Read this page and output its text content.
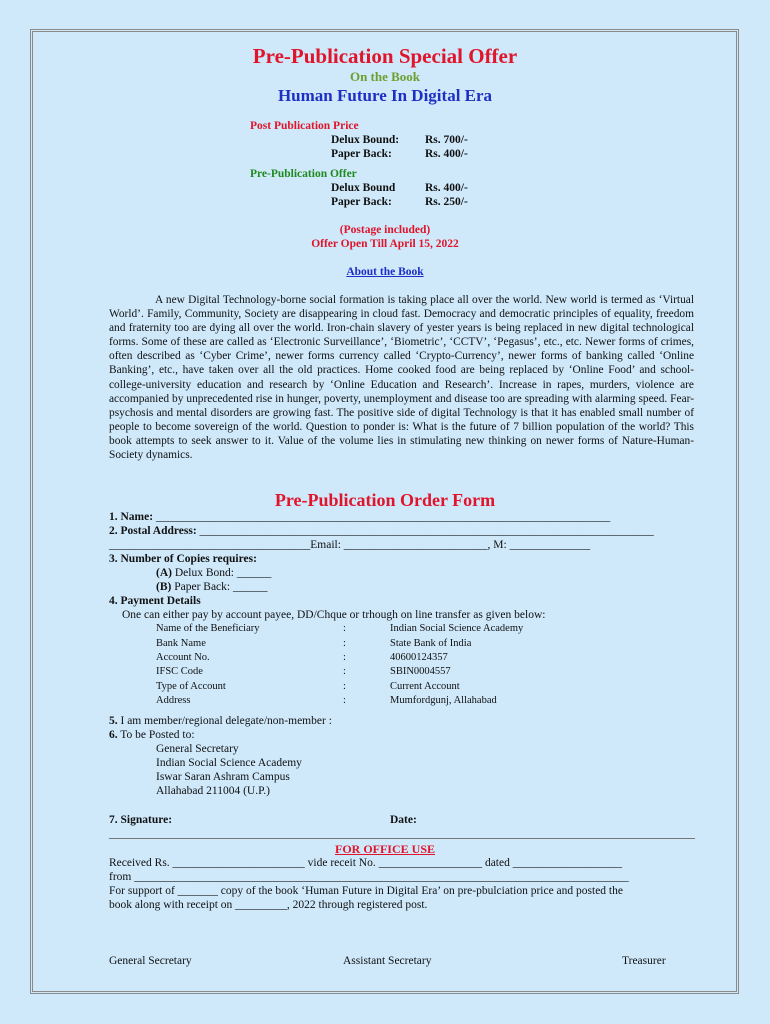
Pre-Publication Special Offer
On the Book
Human Future In Digital Era
Post Publication Price
Delux Bound: Rs. 700/-
Paper Back:	Rs. 400/-
Pre-Publication Offer
Delux Bound	Rs. 400/-
Paper Back:	Rs. 250/-
(Postage included)
Offer Open Till April 15, 2022
About the Book
A new Digital Technology-borne social formation is taking place all over the world. New world is termed as ‘Virtual World’. Family, Community, Society are disappearing in cloud fast. Democracy and democratic principles of equality, freedom and fraternity too are dying all over the world. Iron-chain slavery of yester years is being replaced in new digital technological forms. Some of these are called as ‘Electronic Surveillance’, ‘Biometric’, ‘CCTV’, ‘Pegasus’, etc., etc. Newer forms of crimes, often described as ‘Cyber Crime’, newer forms currency called ‘Crypto-Currency’, newer forms of banking called ‘Online Banking’, etc., have taken over all the old practices. Home cooked food are being replaced by ‘Online Food’ and school-college-university education and research by ‘Online Education and Research’. Increase in rapes, murders, violence are accompanied by unprecedented rise in hunger, poverty, unemployment and disease too are spreading with alarming speed. Fear- psychosis and mental disorders are growing fast. The positive side of digital Technology is that it has enabled small number of people to become sovereign of the world. Question to ponder is: What is the future of 7 billion population of the world? This book attempts to seek answer to it. Value of the volume lies in stimulating new thinking on newer forms of Nature-Human-Society dynamics.
Pre-Publication Order Form
1. Name: _______________________________________________________________________________
2. Postal Address: _______________________________________________________________________________
___________________________________Email: _________________________, M: ______________
3. Number of Copies requires:
(A) Delux Bond: ______
(B) Paper Back: ______
4. Payment Details
One can either pay by account payee, DD/Chque or trhough on line transfer as given below:
Name of the Beneficiary	:	Indian Social Science Academy
Bank Name	:	State Bank of India
Account No.	:	40600124357
IFSC Code	:	SBIN0004557
Type of Account	:	Current Account
Address	:	Mumfordgunj, Allahabad
5. I am member/regional delegate/non-member :
6. To be Posted to:
General Secretary
Indian Social Science Academy
Iswar Saran Ashram Campus
Allahabad 211004 (U.P.)
7. Signature:	Date:
FOR OFFICE USE
Received Rs. _______________________ vide receit No. __________________ dated ___________________
from ______________________________________________________________________________________
For support of _______ copy of the book ‘Human Future in Digital Era’ on pre-pbulciation price and posted the
book along with receipt on _________, 2022 through registered post.
General Secretary	Assistant Secretary	Treasurer
